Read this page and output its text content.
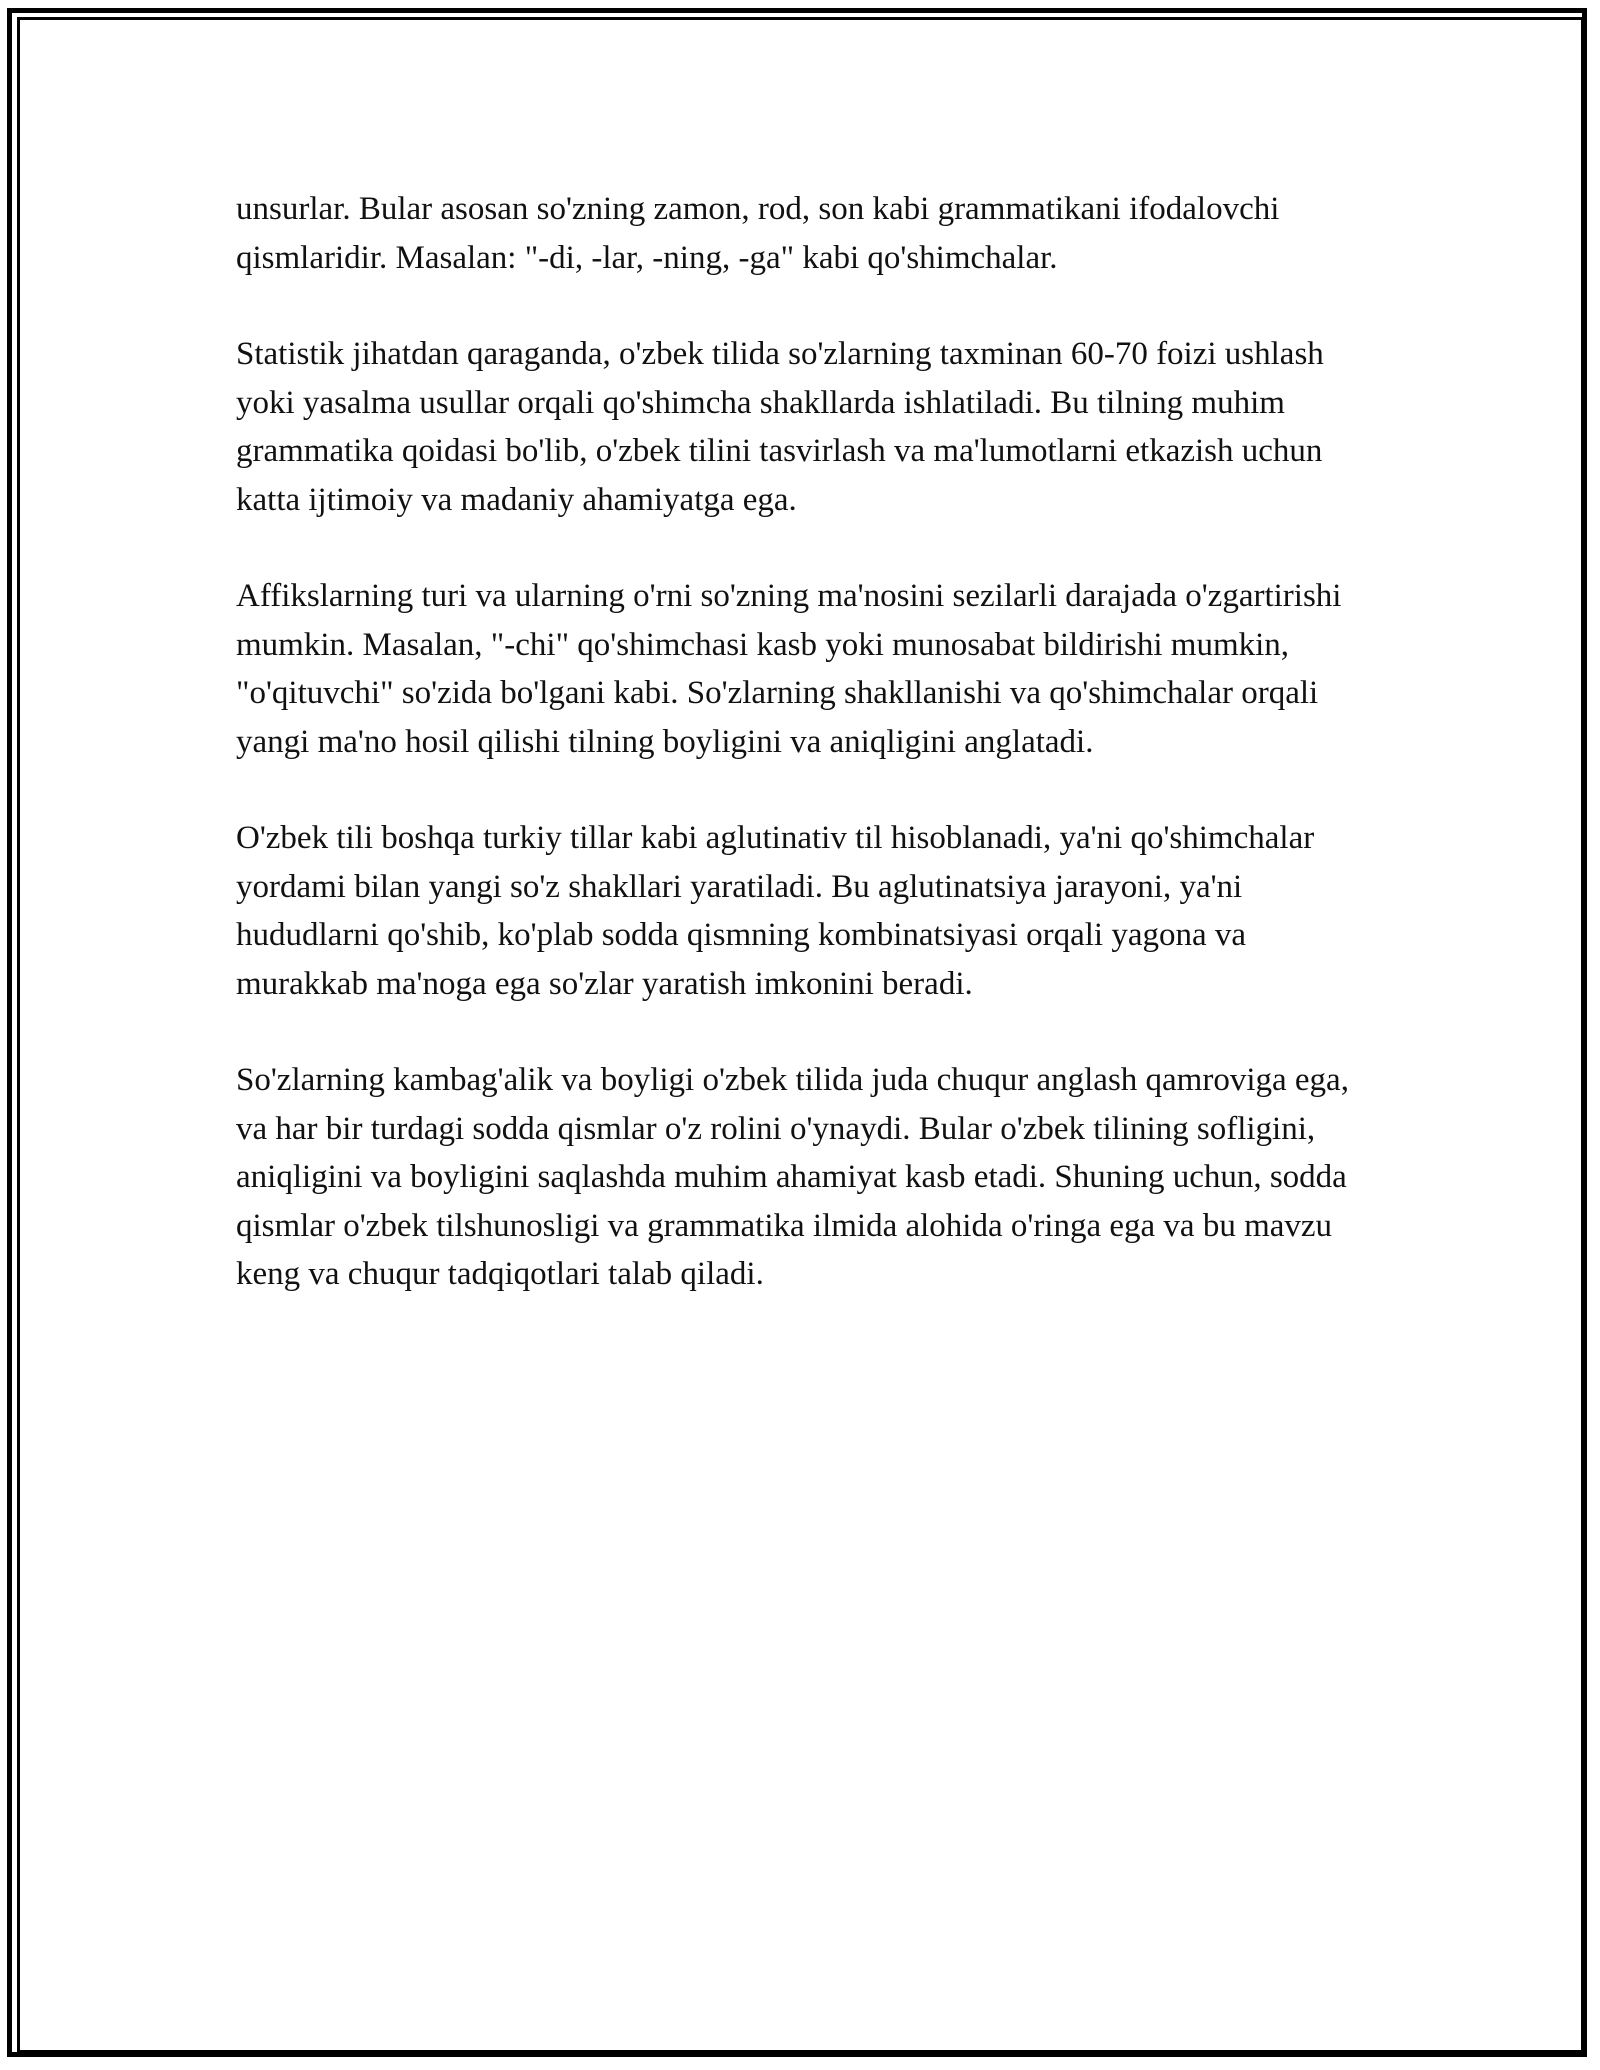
unsurlar. Bular asosan so'zning zamon, rod, son kabi grammatikani ifodalovchi qismlaridir. Masalan: "-di, -lar, -ning, -ga" kabi qo'shimchalar.

Statistik jihatdan qaraganda, o'zbek tilida so'zlarning taxminan 60-70 foizi ushlash yoki yasalma usullar orqali qo'shimcha shakllarda ishlatiladi. Bu tilning muhim grammatika qoidasi bo'lib, o'zbek tilini tasvirlash va ma'lumotlarni etkazish uchun katta ijtimoiy va madaniy ahamiyatga ega.

Affikslarning turi va ularning o'rni so'zning ma'nosini sezilarli darajada o'zgartirishi mumkin. Masalan, "-chi" qo'shimchasi kasb yoki munosabat bildirishi mumkin, "o'qituvchi" so'zida bo'lgani kabi. So'zlarning shakllanishi va qo'shimchalar orqali yangi ma'no hosil qilishi tilning boyligini va aniqligini anglatadi.

O'zbek tili boshqa turkiy tillar kabi aglutinativ til hisoblanadi, ya'ni qo'shimchalar yordami bilan yangi so'z shakllari yaratiladi. Bu aglutinatsiya jarayoni, ya'ni hududlarni qo'shib, ko'plab sodda qismning kombinatsiyasi orqali yagona va murakkab ma'noga ega so'zlar yaratish imkonini beradi.

So'zlarning kambag'alik va boyligi o'zbek tilida juda chuqur anglash qamroviga ega, va har bir turdagi sodda qismlar o'z rolini o'ynaydi. Bular o'zbek tilining sofligini, aniqligini va boyligini saqlashda muhim ahamiyat kasb etadi. Shuning uchun, sodda qismlar o'zbek tilshunosligi va grammatika ilmida alohida o'ringa ega va bu mavzu keng va chuqur tadqiqotlari talab qiladi.
